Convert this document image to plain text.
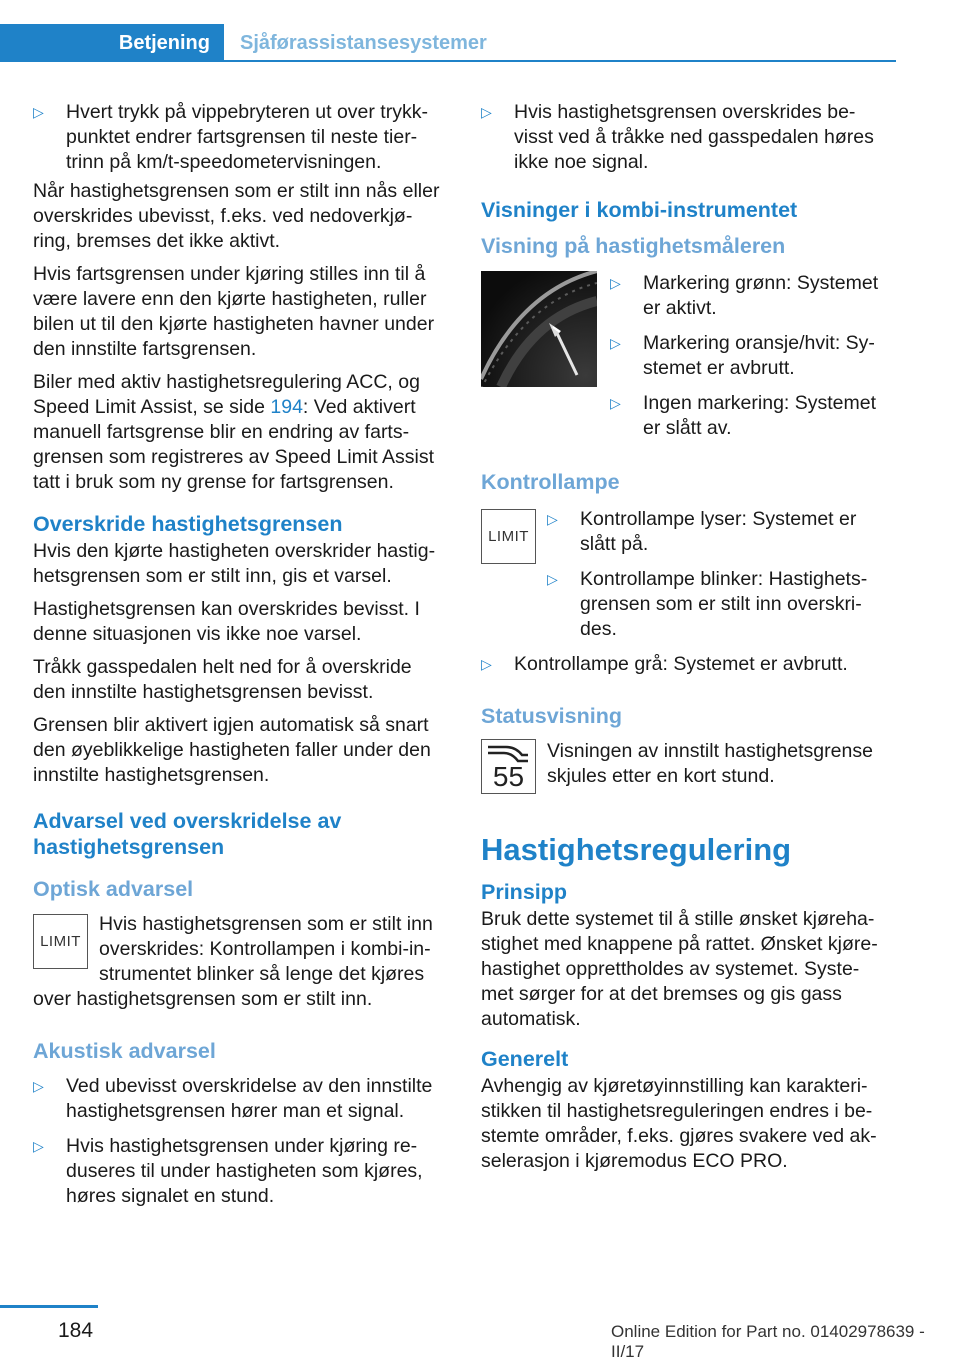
Betjening	Sjåførassistansesystemer
▷ Hvert trykk på vippebryteren ut over trykk-punktet endrer fartsgrensen til neste tier-trinn på km/t-speedometervisningen.

Når hastighetsgrensen som er stilt inn nås eller overskrides ubevisst, f.eks. ved nedoverkjø-ring, bremses det ikke aktivt.

Hvis fartsgrensen under kjøring stilles inn til å være lavere enn den kjørte hastigheten, ruller bilen ut til den kjørte hastigheten havner under den innstilte fartsgrensen.

Biler med aktiv hastighetsregulering ACC, og Speed Limit Assist, se side 194: Ved aktivert manuell fartsgrense blir en endring av farts-grensen som registreres av Speed Limit Assist tatt i bruk som ny grense for fartsgrensen.

Overskride hastighetsgrensen

Hvis den kjørte hastigheten overskrider hastig-hetsgrensen som er stilt inn, gis et varsel.

Hastighetsgrensen kan overskrides bevisst. I denne situasjonen vis ikke noe varsel.

Tråkk gasspedalen helt ned for å overskride den innstilte hastighetsgrensen bevisst.

Grensen blir aktivert igjen automatisk så snart den øyeblikkelige hastigheten faller under den innstilte hastighetsgrensen.

Advarsel ved overskridelse av hastighetsgrensen
Optisk advarsel
LIMIT

Hvis hastighetsgrensen som er stilt inn overskrides: Kontrollampen i kombi-in-strumentet blinker så lenge det kjøres

over hastighetsgrensen som er stilt inn.

Akustisk advarsel
▷ Ved ubevisst overskridelse av den innstilte hastighetsgrensen hører man et signal.
▷ Hvis hastighetsgrensen under kjøring re-duseres til under hastigheten som kjøres, høres signalet en stund.
▷ Hvis hastighetsgrensen overskrides be-visst ved å tråkke ned gasspedalen høres ikke noe signal.
Visninger i kombi-instrumentet
Visning på hastighetsmåleren
▷ Markering grønn: Systemet er aktivt.
▷ Markering oransje/hvit: Sy-stemet er avbrutt.
▷ Ingen markering: Systemet er slått av.
Kontrollampe
LIMIT
▷ Kontrollampe lyser: Systemet er slått på.
▷ Kontrollampe blinker: Hastighets-grensen som er stilt inn overskri-des.
▷ Kontrollampe grå: Systemet er avbrutt.
Statusvisning
55

Visningen av innstilt hastighetsgrense skjules etter en kort stund.

Hastighetsregulering
Prinsipp

Bruk dette systemet til å stille ønsket kjøreha-stighet med knappene på rattet. Ønsket kjøre-hastighet opprettholdes av systemet. Syste-met sørger for at det bremses og gis gass automatisk.

Generelt

Avhengig av kjøretøyinnstilling kan karakteri-stikken til hastighetsreguleringen endres i be-stemte områder, f.eks. gjøres svakere ved ak-selerasjon i kjøremodus ECO PRO.

184	Online Edition for Part no. 01402978639 - II/17
